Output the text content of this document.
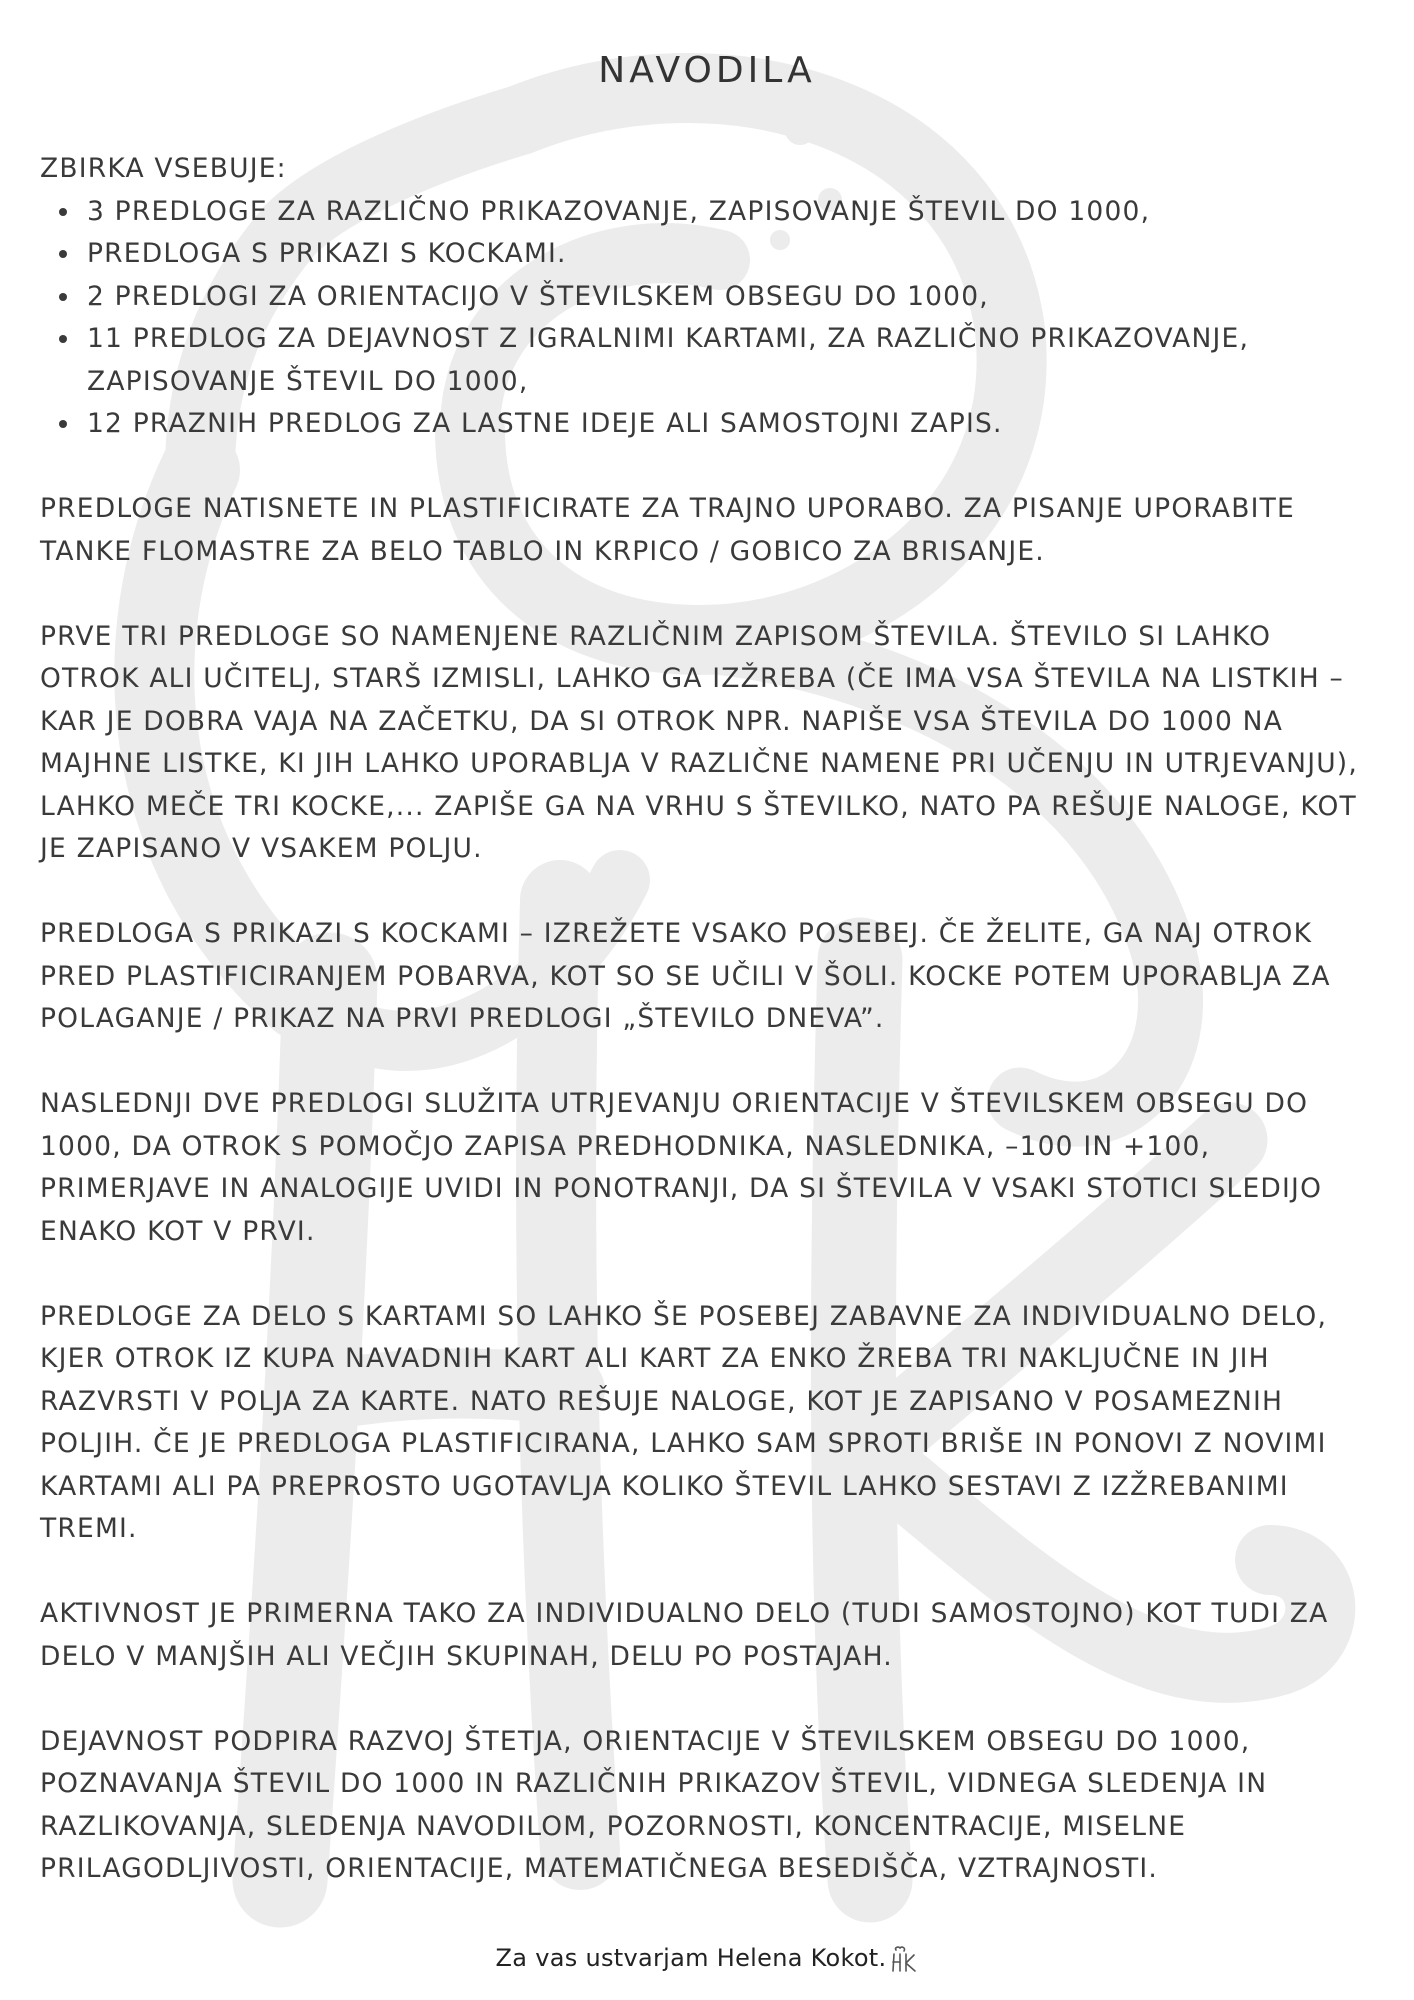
NAVODILA

ZBIRKA VSEBUJE:

3 PREDLOGE ZA RAZLIČNO PRIKAZOVANJE, ZAPISOVANJE ŠTEVIL DO 1000,
PREDLOGA S PRIKAZI S KOCKAMI.
2 PREDLOGI ZA ORIENTACIJO V ŠTEVILSKEM OBSEGU DO 1000,
11 PREDLOG ZA DEJAVNOST Z IGRALNIMI KARTAMI, ZA RAZLIČNO PRIKAZOVANJE, ZAPISOVANJE ŠTEVIL DO 1000,
12 PRAZNIH PREDLOG ZA LASTNE IDEJE ALI SAMOSTOJNI ZAPIS.

PREDLOGE NATISNETE IN PLASTIFICIRATE ZA TRAJNO UPORABO. ZA PISANJE UPORABITE TANKE FLOMASTRE ZA BELO TABLO IN KRPICO / GOBICO ZA BRISANJE.

PRVE TRI PREDLOGE SO NAMENJENE RAZLIČNIM ZAPISOM ŠTEVILA. ŠTEVILO SI LAHKO OTROK ALI UČITELJ, STARŠ IZMISLI, LAHKO GA IZŽREBA (ČE IMA VSA ŠTEVILA NA LISTKIH – KAR JE DOBRA VAJA NA ZAČETKU, DA SI OTROK NPR. NAPIŠE VSA ŠTEVILA DO 1000 NA MAJHNE LISTKE, KI JIH LAHKO UPORABLJA V RAZLIČNE NAMENE PRI UČENJU IN UTRJEVANJU), LAHKO MEČE TRI KOCKE,... ZAPIŠE GA NA VRHU S ŠTEVILKO, NATO PA REŠUJE NALOGE, KOT JE ZAPISANO V VSAKEM POLJU.

PREDLOGA S PRIKAZI S KOCKAMI – IZREŽETE VSAKO POSEBEJ. ČE ŽELITE, GA NAJ OTROK PRED PLASTIFICIRANJEM POBARVA, KOT SO SE UČILI V ŠOLI. KOCKE POTEM UPORABLJA ZA POLAGANJE / PRIKAZ NA PRVI PREDLOGI „ŠTEVILO DNEVA”.

NASLEDNJI DVE PREDLOGI SLUŽITA UTRJEVANJU ORIENTACIJE V ŠTEVILSKEM OBSEGU DO 1000, DA OTROK S POMOČJO ZAPISA PREDHODNIKA, NASLEDNIKA, –100 IN +100, PRIMERJAVE IN ANALOGIJE UVIDI IN PONOTRANJI, DA SI ŠTEVILA V VSAKI STOTICI SLEDIJO ENAKO KOT V PRVI.

PREDLOGE ZA DELO S KARTAMI SO LAHKO ŠE POSEBEJ ZABAVNE ZA INDIVIDUALNO DELO, KJER OTROK IZ KUPA NAVADNIH KART ALI KART ZA ENKO ŽREBA TRI NAKLJUČNE IN JIH RAZVRSTI V POLJA ZA KARTE. NATO REŠUJE NALOGE, KOT JE ZAPISANO V POSAMEZNIH POLJIH. ČE JE PREDLOGA PLASTIFICIRANA, LAHKO SAM SPROTI BRIŠE IN PONOVI Z NOVIMI KARTAMI ALI PA PREPROSTO UGOTAVLJA KOLIKO ŠTEVIL LAHKO SESTAVI Z IZŽREBANIMI TREMI.

AKTIVNOST JE PRIMERNA TAKO ZA INDIVIDUALNO DELO (TUDI SAMOSTOJNO) KOT TUDI ZA DELO V MANJŠIH ALI VEČJIH SKUPINAH, DELU PO POSTAJAH.

DEJAVNOST PODPIRA RAZVOJ ŠTETJA, ORIENTACIJE V ŠTEVILSKEM OBSEGU DO 1000, POZNAVANJA ŠTEVIL DO 1000 IN RAZLIČNIH PRIKAZOV ŠTEVIL, VIDNEGA SLEDENJA IN RAZLIKOVANJA, SLEDENJA NAVODILOM, POZORNOSTI, KONCENTRACIJE, MISELNE PRILAGODLJIVOSTI, ORIENTACIJE, MATEMATIČNEGA BESEDIŠČA, VZTRAJNOSTI.

Za vas ustvarjam Helena Kokot.
